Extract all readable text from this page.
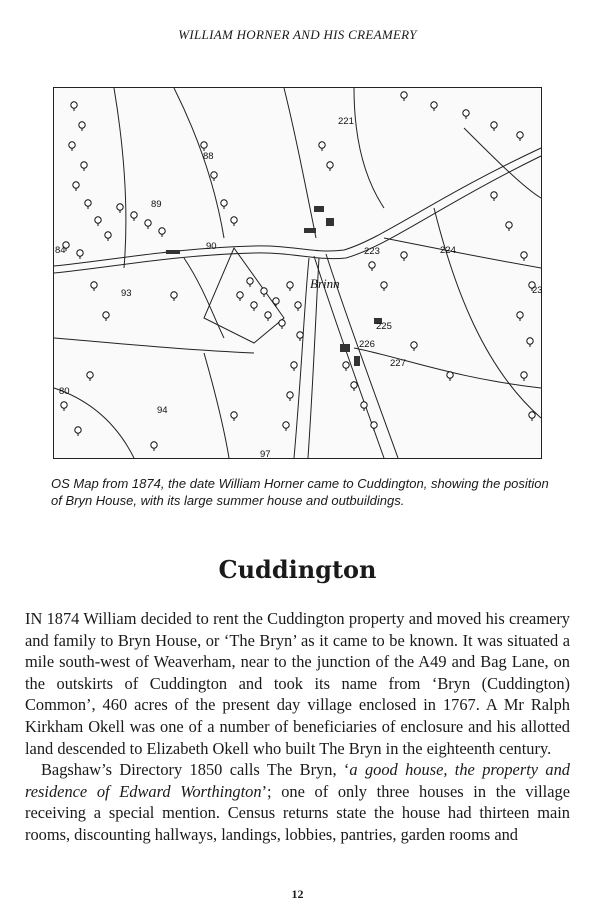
WILLIAM HORNER AND HIS CREAMERY
221
88
89
84	90
93
223	224
23
225
226
227
80
94
97
Brinn
OS Map from 1874, the date William Horner came to Cuddington, showing the position of Bryn House, with its large summer house and outbuildings.
Cuddington

IN 1874 William decided to rent the Cuddington property and moved his creamery and family to Bryn House, or ‘The Bryn’ as it came to be known. It was situated a mile south-west of Weaverham, near to the junction of the A49 and Bag Lane, on the outskirts of Cuddington and took its name from ‘Bryn (Cuddington) Common’, 460 acres of the present day village enclosed in 1767. A Mr Ralph Kirkham Okell was one of a number of beneficiaries of enclosure and his allotted land descended to Elizabeth Okell who built The Bryn in the eighteenth century.

Bagshaw’s Directory 1850 calls The Bryn, ‘a good house, the property and residence of Edward Worthington’; one of only three houses in the village receiving a special mention. Census returns state the house had thirteen main rooms, discounting hallways, landings, lobbies, pantries, garden rooms and

12
